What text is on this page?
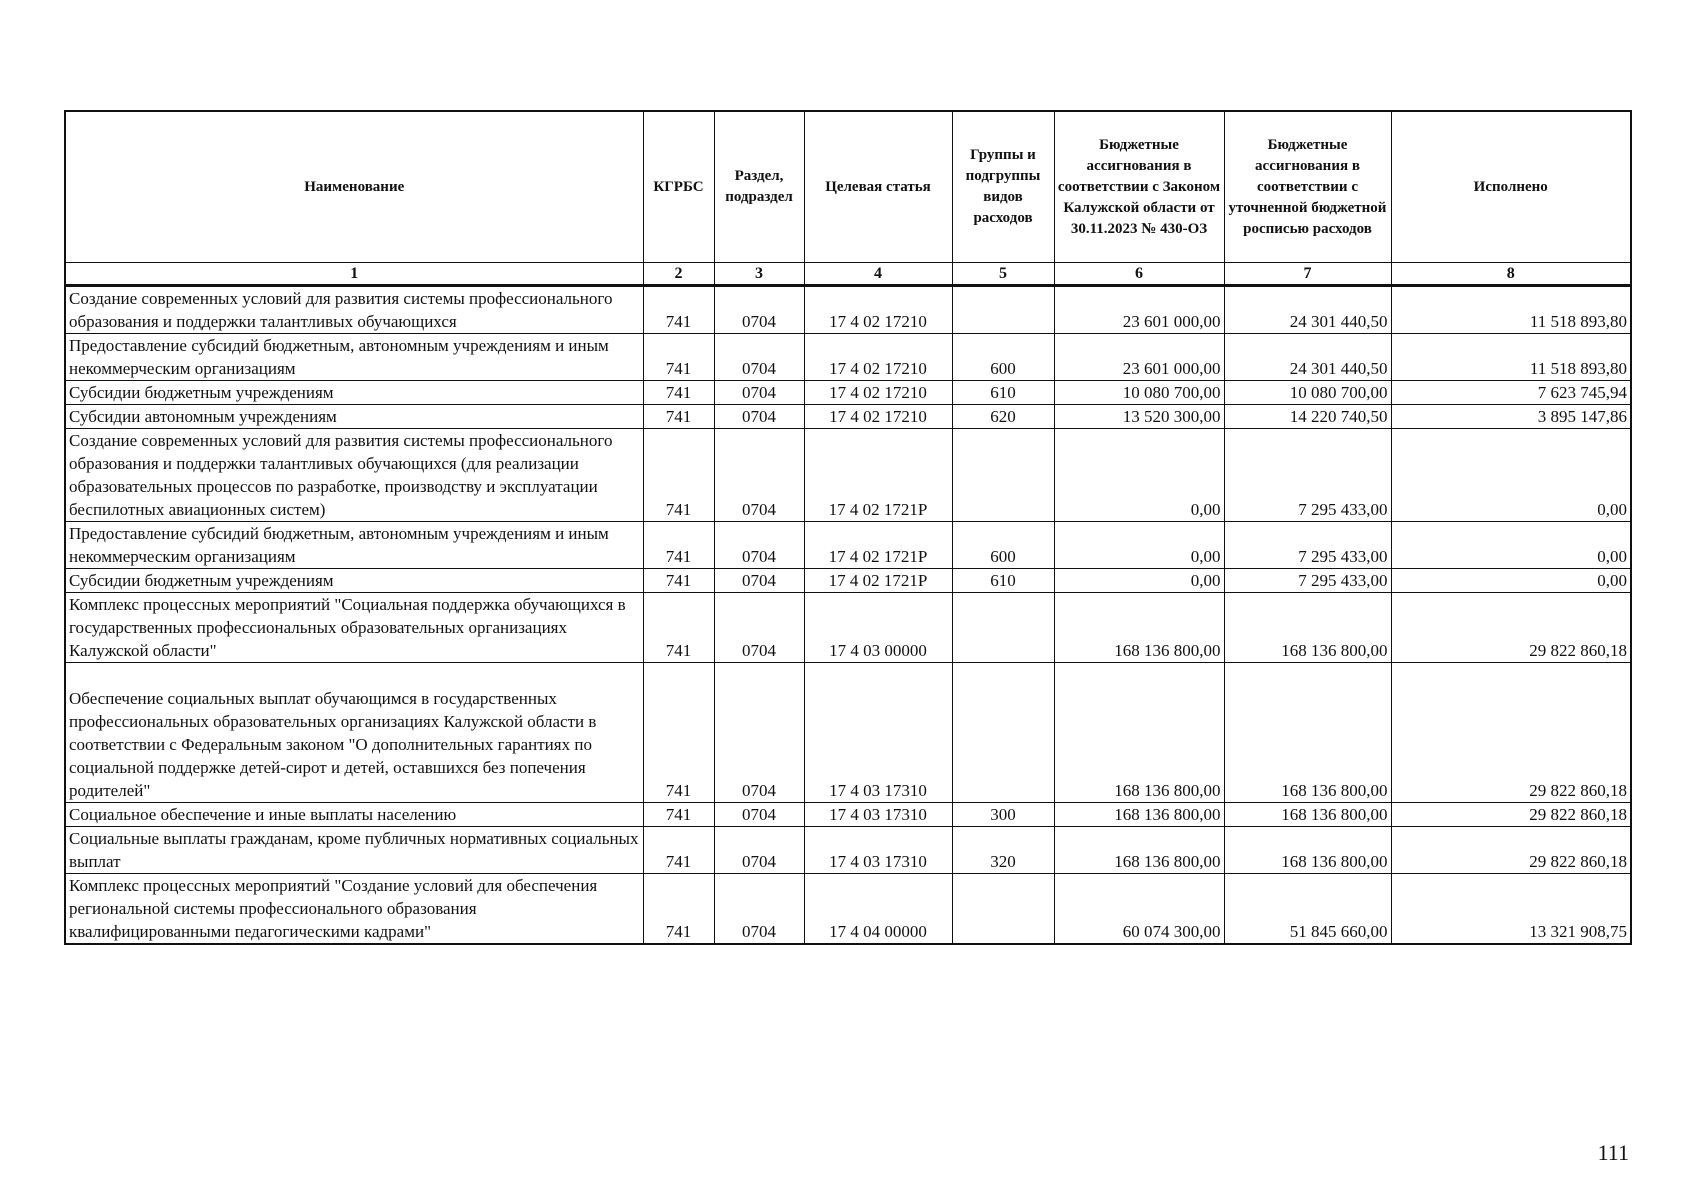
Наименование	КГРБС	Раздел, подраздел	Целевая статья	Группы и подгруппы видов расходов	Бюджетные ассигнования в соответствии с Законом Калужской области от 30.11.2023 № 430-ОЗ	Бюджетные ассигнования в соответствии с уточненной бюджетной росписью расходов	Исполнено
1	2	3	4	5	6	7	8
Создание современных условий для развития системы профессионального образования и поддержки талантливых обучающихся	741	0704	17 4 02 17210		23 601 000,00	24 301 440,50	11 518 893,80
Предоставление субсидий бюджетным, автономным учреждениям и иным некоммерческим организациям	741	0704	17 4 02 17210	600	23 601 000,00	24 301 440,50	11 518 893,80
Субсидии бюджетным учреждениям	741	0704	17 4 02 17210	610	10 080 700,00	10 080 700,00	7 623 745,94
Субсидии автономным учреждениям	741	0704	17 4 02 17210	620	13 520 300,00	14 220 740,50	3 895 147,86
Создание современных условий для развития системы профессионального образования и поддержки талантливых обучающихся (для реализации образовательных процессов по разработке, производству и эксплуатации беспилотных авиационных систем)	741	0704	17 4 02 1721Р		0,00	7 295 433,00	0,00
Предоставление субсидий бюджетным, автономным учреждениям и иным некоммерческим организациям	741	0704	17 4 02 1721Р	600	0,00	7 295 433,00	0,00
Субсидии бюджетным учреждениям	741	0704	17 4 02 1721Р	610	0,00	7 295 433,00	0,00
Комплекс процессных мероприятий "Социальная поддержка обучающихся в государственных профессиональных образовательных организациях Калужской области"	741	0704	17 4 03 00000		168 136 800,00	168 136 800,00	29 822 860,18
Обеспечение социальных выплат обучающимся в государственных профессиональных образовательных организациях Калужской области в соответствии с Федеральным законом "О дополнительных гарантиях по социальной поддержке детей-сирот и детей, оставшихся без попечения родителей"	741	0704	17 4 03 17310		168 136 800,00	168 136 800,00	29 822 860,18
Социальное обеспечение и иные выплаты населению	741	0704	17 4 03 17310	300	168 136 800,00	168 136 800,00	29 822 860,18
Социальные выплаты гражданам, кроме публичных нормативных социальных выплат	741	0704	17 4 03 17310	320	168 136 800,00	168 136 800,00	29 822 860,18
Комплекс процессных мероприятий "Создание условий для обеспечения региональной системы профессионального образования квалифицированными педагогическими кадрами"	741	0704	17 4 04 00000		60 074 300,00	51 845 660,00	13 321 908,75
111
